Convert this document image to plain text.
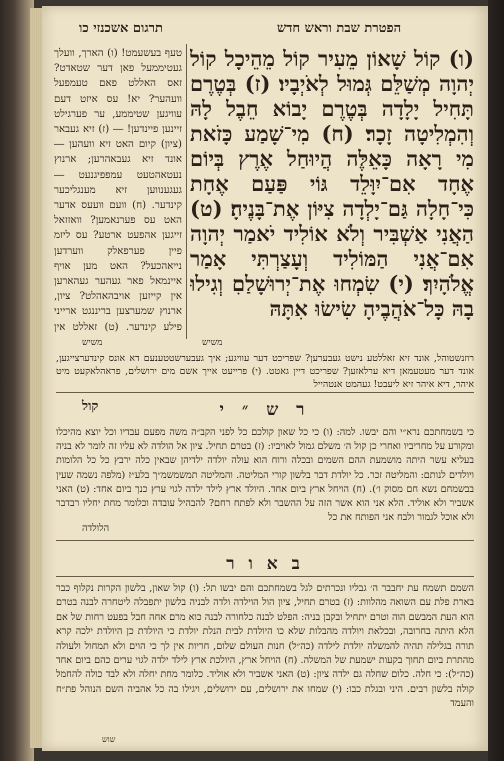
הפטרת שבת וראש חדש
תרגום אשכנזי כו
(ו) קוֹל שָׁאוֹן מֵעִיר קוֹל מֵהֵיכָל קוֹל יְהוָה מְשַׁלֵּם גְּמוּל לְאֹיְבָיו׃ (ז) בְּטֶרֶם תָּחִיל יָלָדָה בְּטֶרֶם יָבוֹא חֵבֶל לָהּ וְהִמְלִיטָה זָכָר׃ (ח) מִי־שָׁמַע כָּזֹאת מִי רָאָה כָּאֵלֶּה הֲיוּחַל אֶרֶץ בְּיוֹם אֶחָד אִם־יִוָּלֵד גּוֹי פַּעַם אֶחָת כִּי־חָלָה גַּם־יָלְדָה צִיּוֹן אֶת־בָּנֶיהָ׃ (ט) הַאֲנִי אַשְׁבִּיר וְלֹא אוֹלִיד יֹאמַר יְהוָה אִם־אֲנִי הַמּוֹלִיד וְעָצַרְתִּי אָמַר אֱלֹהָיִךְ׃ (י) שִׂמְחוּ אֶת־יְרוּשָׁלַםִ וְגִילוּ בָהּ כָּל־אֹהֲבֶיהָ שִׂישׂוּ אִתָּהּ
טעף בעשעמט! (ו) הארך, וועלך געטיממעל פאן דער שטאדט? זאס האללט פאם טעמפעל וועהער? יא! עס איזט דעם עוויגען שטיממע, ער פערגילט זיינען פיינדען! ― (ז) זיא געבאר (ציון) קיום האט זיא וועהען ― אונד זיא געבאהרען; ארנוץ נעטאהטעט עמפפיגנעט ― געגענווען זיא מענגליכער קינדער. (ח) וועם וועעס אדער האט עס פערנאמען? וואזזאל זייגען אהפעט ארטע? עס ליזמ פיין פערפאלק ווערדען נייאהכעל? האט מען אויף איינמאל פאר געהער געהארען אין קייזען אויבהאהלט? ציון, ארנוץ שמערצען בריננגט ארייני פילע קינדער. (ט) זאללט אין
משיש	משיש
רוזנשטוהל, אונד זיא זאללטע נישט געבערען? שפריכט דער עוויגע; איך געבערשטטענעם דא אונס קינדערצייגען, אונד דער מעטעמאן דיא ערלאזען? שפריכט דיין גאטט. (י) פרייעט אייך אשם מים ירושלים, פראהלאקעט מיט איהר, דיא איהר זיא ליעבט! געהמט אנטהייל
ר ש ״ י
קול
כי בשמחתכם נרא״י והם יבשו. למה: (ו) כי כל שאון קולכם כל לפני הקב״ה משה מפעם עבדיו וכל יוצא מהיכלו ומקורע על מחריביו ואחרי כן קול ה׳ משלם גמול לאויביו: (ז) בטרם תחיל. ציון אל הולדה לא עליו זה לומר לא בניה בעליא עשר היתה מושמעת ההם השמים ובכלה ורוח הוא עולה יולדה ילדיהן שבאין כלה ירבץ כל כל הלומות ויולדים לנותם: והמליטה זכר. כל יולדת דבר בלשון קורי המליטה. והמליטה תמשמשמ״ך בלע״ז (מלפה נשמה שעין בבשמחם נשא חם מסוק ו׳). (ח) הויחל ארץ ביום אחד. היולד ארץ לילד ילדה לגוי ערץ כנך ביום אחד: (ט) האני אשביר ולא אוליד. הלא אני הוא אשר הזה על ההשבר ולא לפתח רחם? להבהיל עובדה וכלומר מחת יחליו רבדבר ולא אוכל לגמור ולבח אני הפותח את כל
הלולדה
ב א ו ר
השמם תשמח עת יחבבר ה׳ גבליו ונכרתים לגל בשמחתכם והם יבשו תל: (ו) קול שאון, בלשון הקרות נקלוף כבר בארת פלת עם השואה מהלוות: (ז) בטרם תחיל, ציון הול הוילדה ולדה לבניה בלשון יתפבלה ליטחרה לבנה בטרם הוא העת המבשם הוה וטרם יתחיל ובקבן בניה: הפלט לבנה כלחורה לבנה כוא מרם אחה חבל בפעט רחות של אם הלא היתה בחרובה, ובכלאת ויולדה מהבלות שלא כו היולדת לבית הנלת יולדת כי היולדת כן היולדת ילכה קרא תורה בגלילה תהיה להמשלה יולדת לילדה (כה״ל) חנות העולם שלום, חריות אין לך כי הוים ולא תמחול ולעולה מהתרת ביום תחוך בקעות ישמעת של המשלה. (ח) הויחל ארץ, היולכת ארץ לילד ילדה לגוי ערים כהם ביום אחד (כה״ל): כי חלה. כלום שחלה גם ילדה ציון: (ט) האני אשביר ולא אוליד. כלומר מחת יחלה ולא לבד כולה להחמל קולה בלשון רבים. היני ובגלת כבו: (י) שמחו את ירושלים, עם ירושלים, ויגילו בה כל אהביה השם הנוהל פת״ח והעמד
שוש
